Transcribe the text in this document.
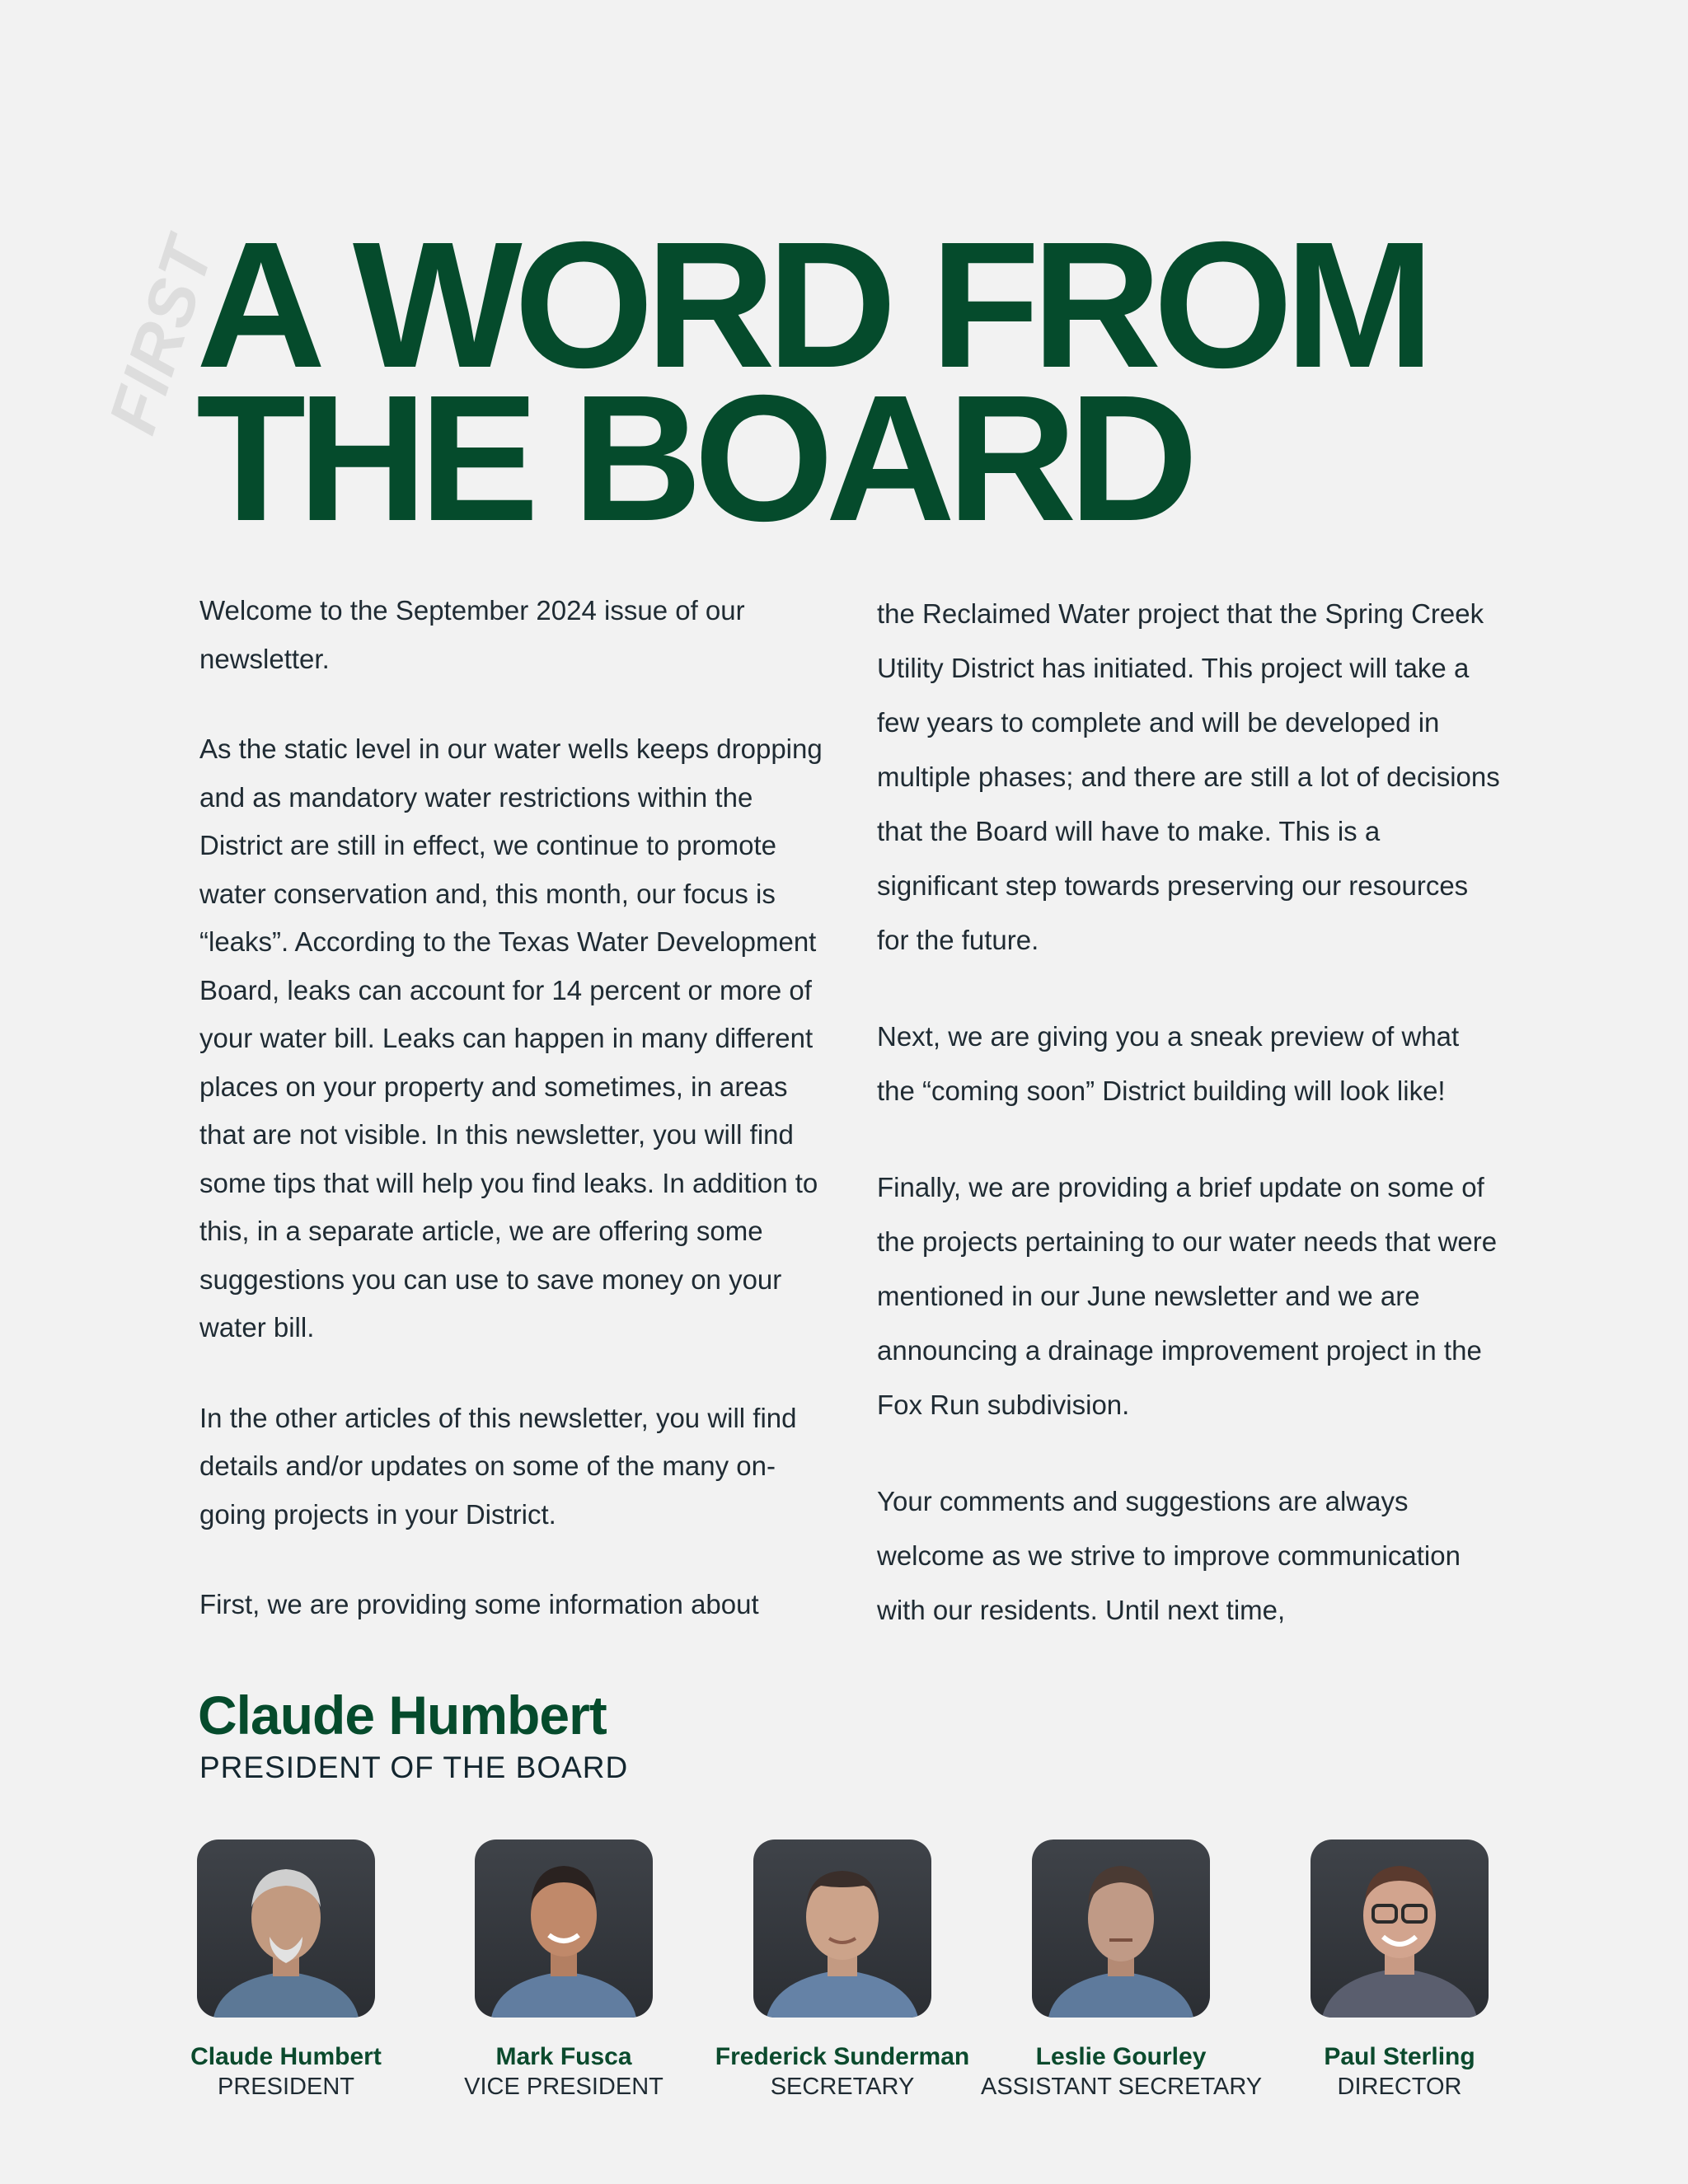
FIRST
A WORD FROM
THE BOARD

Welcome to the September 2024 issue of our newsletter.

As the static level in our water wells keeps dropping and as mandatory water restrictions within the District are still in effect, we continue to promote water conservation and, this month, our focus is “leaks”. According to the Texas Water Development Board, leaks can account for 14 percent or more of your water bill. Leaks can happen in many different places on your property and sometimes, in areas that are not visible. In this newsletter, you will find some tips that will help you find leaks. In addition to this, in a separate article, we are offering some suggestions you can use to save money on your water bill.

In the other articles of this newsletter, you will find details and/or updates on some of the many on-going projects in your District.

First, we are providing some information about

the Reclaimed Water project that the Spring Creek Utility District has initiated. This project will take a few years to complete and will be developed in multiple phases; and there are still a lot of decisions that the Board will have to make. This is a significant step towards preserving our resources for the future.

Next, we are giving you a sneak preview of what the “coming soon” District building will look like!

Finally, we are providing a brief update on some of the projects pertaining to our water needs that were mentioned in our June newsletter and we are announcing a drainage improvement project in the Fox Run subdivision.

Your comments and suggestions are always welcome as we strive to improve communication with our residents. Until next time,

Claude Humbert
PRESIDENT OF THE BOARD
Claude Humbert
PRESIDENT
Mark Fusca
VICE PRESIDENT
Frederick Sunderman
SECRETARY
Leslie Gourley
ASSISTANT SECRETARY
Paul Sterling
DIRECTOR
